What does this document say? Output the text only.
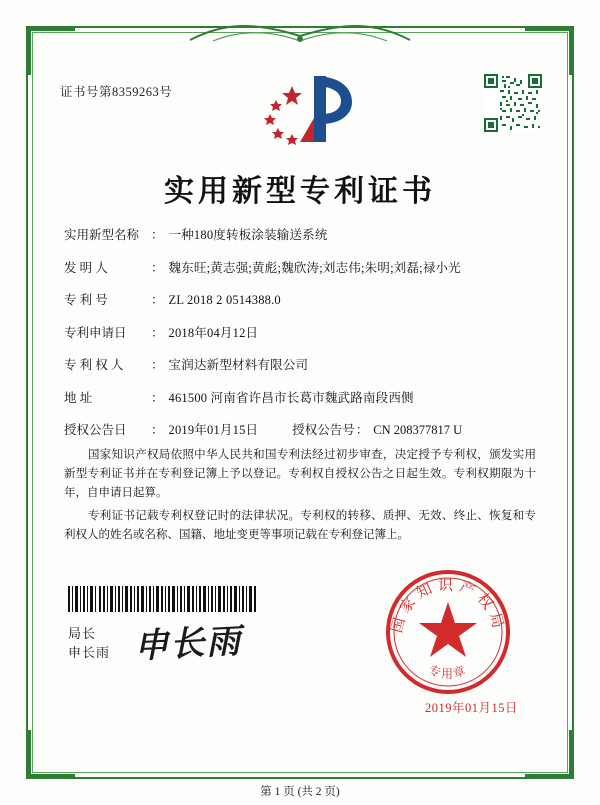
证书号第8359263号
实用新型专利证书
实用新型名称 ： 一种180度转板涂装输送系统
发 明 人	： 魏东旺;黄志强;黄彪;魏欣涛;刘志伟;朱明;刘磊;禄小光
专 利 号	： ZL 2018 2 0514388.0
专利申请日 ： 2018年04月12日
专 利 权 人 ： 宝润达新型材料有限公司
地 址	： 461500 河南省许昌市长葛市魏武路南段西侧
授权公告日 ： 2019年01月15日	授权公告号 ： CN 208377817 U

国家知识产权局依照中华人民共和国专利法经过初步审查，决定授予专利权，颁发实用新型专利证书并在专利登记簿上予以登记。专利权自授权公告之日起生效。专利权期限为十年，自申请日起算。

专利证书记载专利权登记时的法律状况。专利权的转移、质押、无效、终止、恢复和专利权人的姓名或名称、国籍、地址变更等事项记载在专利登记簿上。

局长
申长雨 申长雨	国家知识产权局
专用章
2019年01月15日
第 1 页 (共 2 页)
